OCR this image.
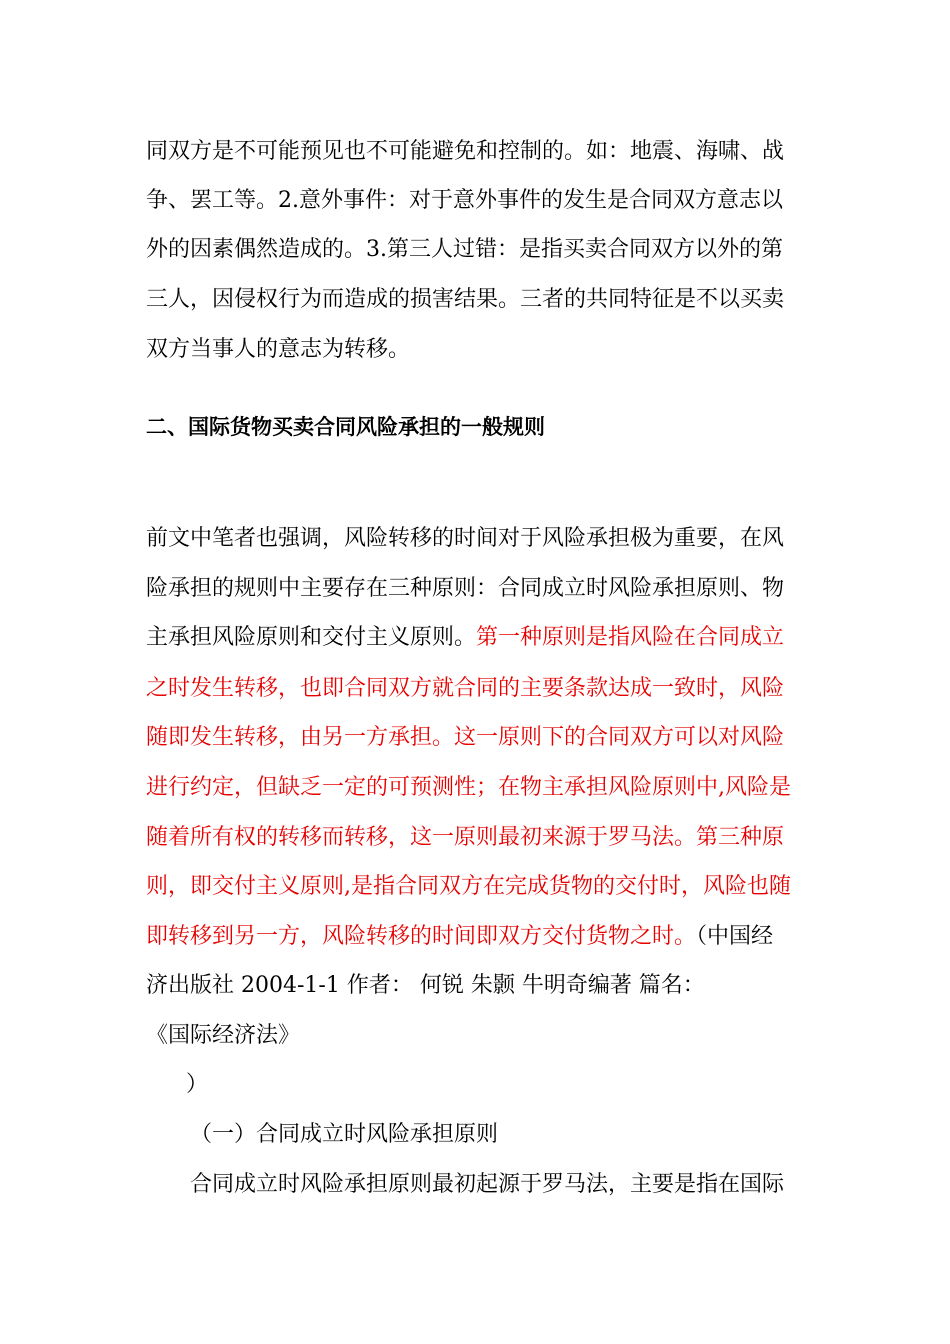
同双方是不可能预见也不可能避免和控制的。如：地震、海啸、战
争、罢工等。2.意外事件：对于意外事件的发生是合同双方意志以
外的因素偶然造成的。3.第三人过错：是指买卖合同双方以外的第
三人，因侵权行为而造成的损害结果。三者的共同特征是不以买卖
双方当事人的意志为转移。
二、国际货物买卖合同风险承担的一般规则
前文中笔者也强调，风险转移的时间对于风险承担极为重要，在风
险承担的规则中主要存在三种原则：合同成立时风险承担原则、物
主承担风险原则和交付主义原则。第一种原则是指风险在合同成立
之时发生转移，也即合同双方就合同的主要条款达成一致时，风险
随即发生转移，由另一方承担。这一原则下的合同双方可以对风险
进行约定，但缺乏一定的可预测性；在物主承担风险原则中,风险是
随着所有权的转移而转移，这一原则最初来源于罗马法。第三种原
则，即交付主义原则,是指合同双方在完成货物的交付时，风险也随
即转移到另一方，风险转移的时间即双方交付货物之时。（中国经
济出版社 2004-1-1 作者： 何锐 朱颢 牛明奇编著 篇名：
《国际经济法》
）
（一）合同成立时风险承担原则
合同成立时风险承担原则最初起源于罗马法，主要是指在国际
